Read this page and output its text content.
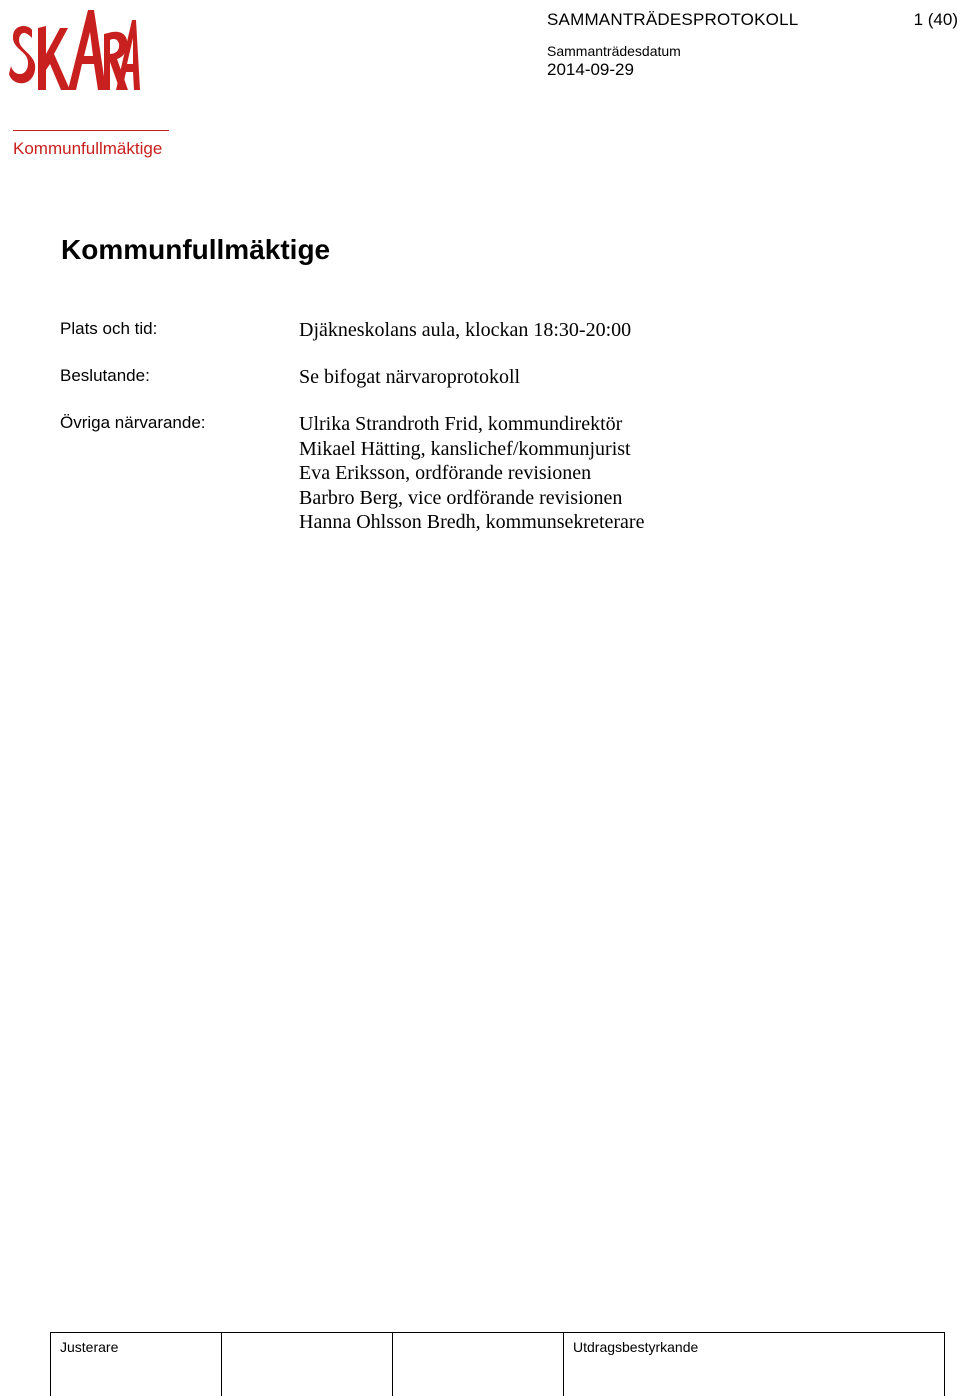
SAMMANTRÄDESPROTOKOLL	1 (40)
Sammanträdesdatum
2014-09-29
Kommunfullmäktige
Kommunfullmäktige
Plats och tid:	Djäkneskolans aula, klockan 18:30-20:00
Beslutande:	Se bifogat närvaroprotokoll
Övriga närvarande:	Ulrika Strandroth Frid, kommundirektör
Mikael Hätting, kanslichef/kommunjurist
Eva Eriksson, ordförande revisionen
Barbro Berg, vice ordförande revisionen
Hanna Ohlsson Bredh, kommunsekreterare
Justerare			Utdragsbestyrkande
